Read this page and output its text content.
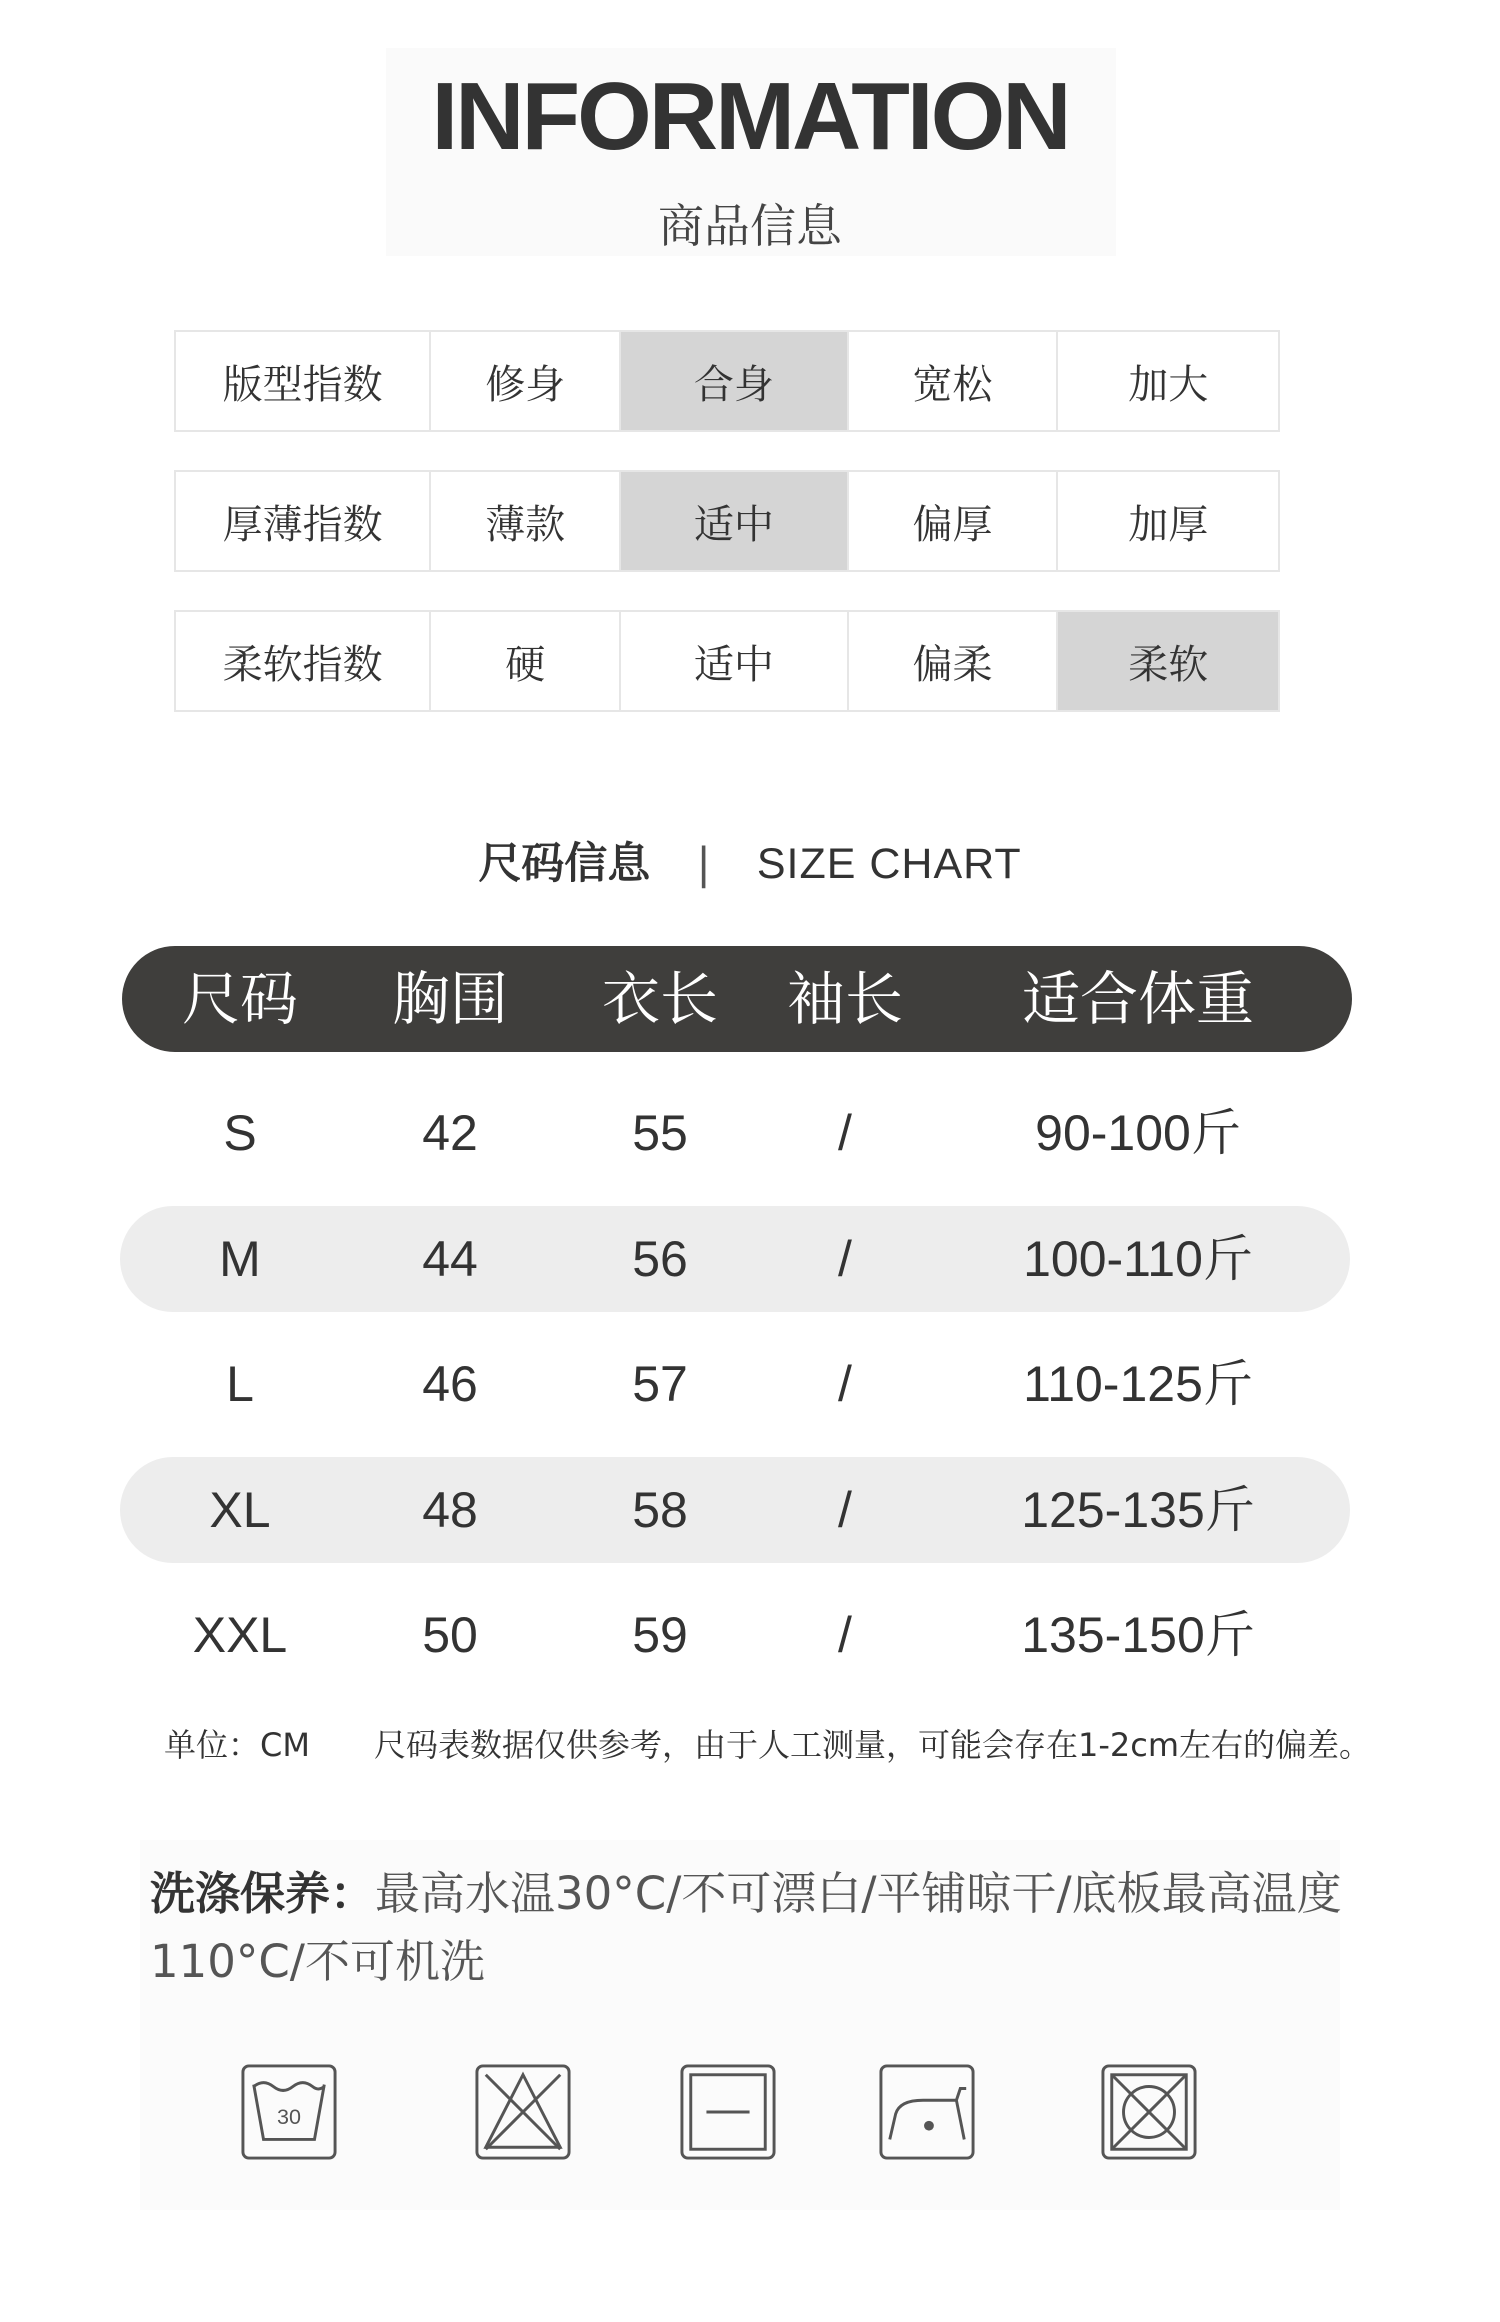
INFORMATION
商品信息
版型指数	修身	合身	宽松	加大
厚薄指数	薄款	适中	偏厚	加厚
柔软指数	硬	适中	偏柔	柔软
尺码信息 | SIZE CHART
尺码	胸围	衣长	袖长	适合体重
S	42	55	/	90-100斤
M	44	56	/	100-110斤
L	46	57	/	110-125斤
XL	48	58	/	125-135斤
XXL	50	59	/	135-150斤
单位：CM 尺码表数据仅供参考，由于人工测量，可能会存在1-2cm左右的偏差。
洗涤保养：最高水温30°C/不可漂白/平铺晾干/底板最高温度110°C/不可机洗
30
